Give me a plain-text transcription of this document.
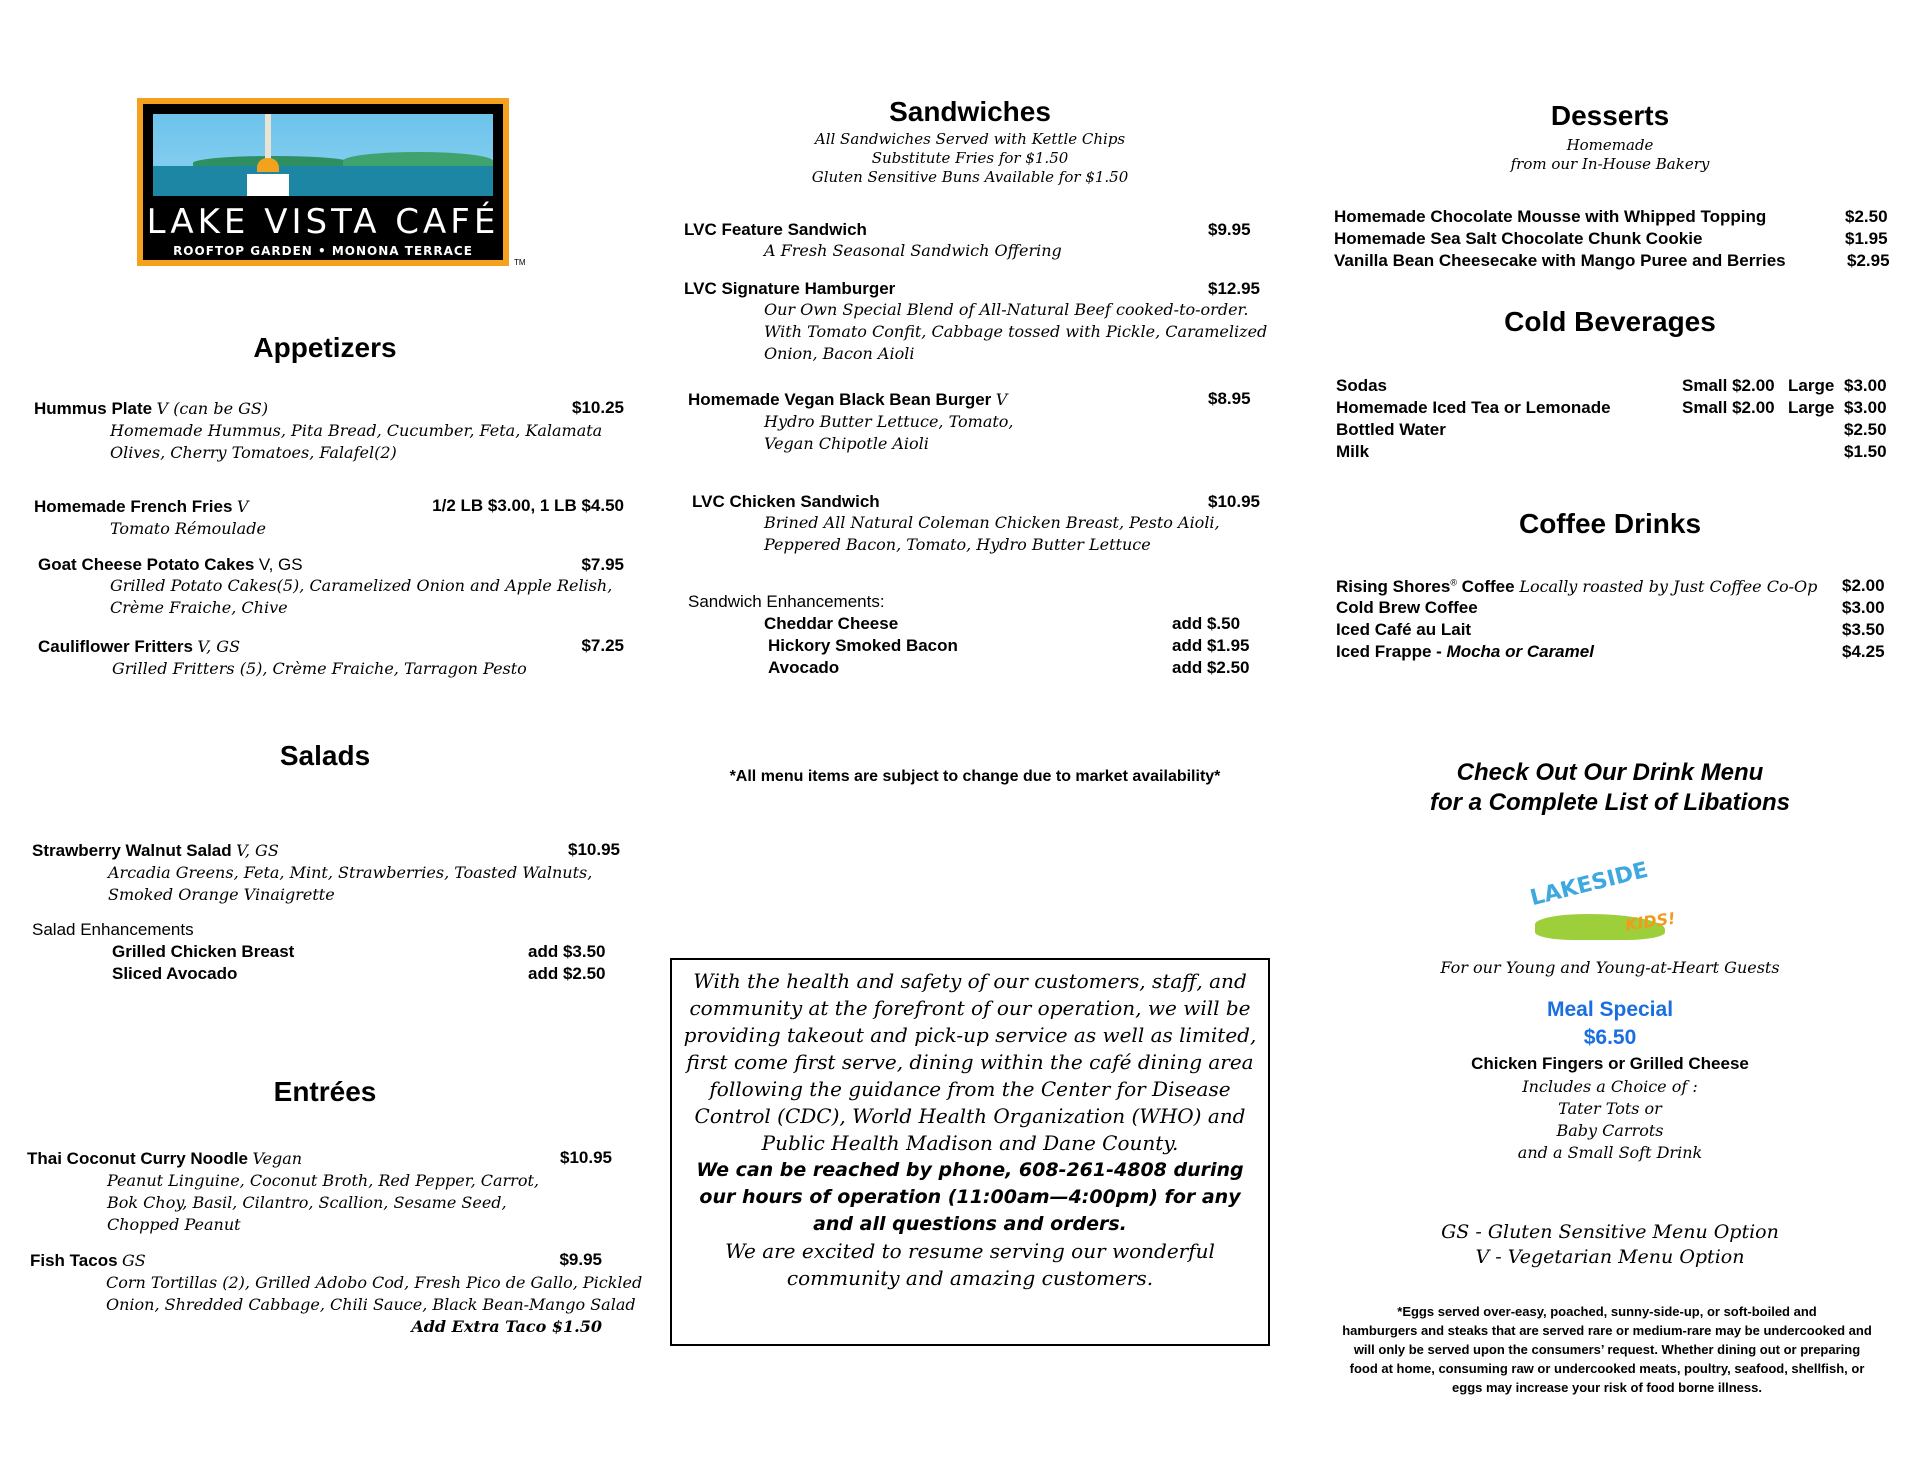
LAKE VISTA CAFÉ
ROOFTOP GARDEN • MONONA TERRACE
TM
Appetizers
Hummus Plate V (can be GS)	$10.25
Homemade Hummus, Pita Bread, Cucumber, Feta, Kalamata
Olives, Cherry Tomatoes, Falafel(2)
Homemade French Fries V	1/2 LB $3.00, 1 LB $4.50
Tomato Rémoulade
Goat Cheese Potato Cakes V, GS	$7.95
Grilled Potato Cakes(5), Caramelized Onion and Apple Relish,
Crème Fraiche, Chive
Cauliflower Fritters V, GS	$7.25
Grilled Fritters (5), Crème Fraiche, Tarragon Pesto
Salads
Strawberry Walnut Salad V, GS	$10.95
Arcadia Greens, Feta, Mint, Strawberries, Toasted Walnuts,
Smoked Orange Vinaigrette
Salad Enhancements
Grilled Chicken Breast	add $3.50
Sliced Avocado	add $2.50
Entrées
Thai Coconut Curry Noodle Vegan	$10.95
Peanut Linguine, Coconut Broth, Red Pepper, Carrot,
Bok Choy, Basil, Cilantro, Scallion, Sesame Seed,
Chopped Peanut
Fish Tacos GS	$9.95
Corn Tortillas (2), Grilled Adobo Cod, Fresh Pico de Gallo, Pickled
Onion, Shredded Cabbage, Chili Sauce, Black Bean-Mango Salad
Add Extra Taco $1.50
Sandwiches
All Sandwiches Served with Kettle Chips
Substitute Fries for $1.50
Gluten Sensitive Buns Available for $1.50
LVC Feature Sandwich	$9.95
A Fresh Seasonal Sandwich Offering
LVC Signature Hamburger	$12.95
Our Own Special Blend of All-Natural Beef cooked-to-order.
With Tomato Confit, Cabbage tossed with Pickle, Caramelized
Onion, Bacon Aioli
Homemade Vegan Black Bean Burger V	$8.95
Hydro Butter Lettuce, Tomato,
Vegan Chipotle Aioli
LVC Chicken Sandwich	$10.95
Brined All Natural Coleman Chicken Breast, Pesto Aioli,
Peppered Bacon, Tomato, Hydro Butter Lettuce
Sandwich Enhancements:
Cheddar Cheese	add $.50
Hickory Smoked Bacon	add $1.95
Avocado	add $2.50
*All menu items are subject to change due to market availability*
With the health and safety of our customers, staff, and community at the forefront of our operation, we will be providing takeout and pick-up service as well as limited, first come first serve, dining within the café dining area following the guidance from the Center for Disease Control (CDC), World Health Organization (WHO) and Public Health Madison and Dane County.
We can be reached by phone, 608-261-4808 during our hours of operation (11:00am—4:00pm) for any and all questions and orders.
We are excited to resume serving our wonderful community and amazing customers.
Desserts
Homemade
from our In-House Bakery
Homemade Chocolate Mousse with Whipped Topping	$2.50
Homemade Sea Salt Chocolate Chunk Cookie	$1.95
Vanilla Bean Cheesecake with Mango Puree and Berries	$2.95
Cold Beverages
Sodas	Small $2.00 Large $3.00
Homemade Iced Tea or Lemonade	Small $2.00 Large $3.00
Bottled Water	$2.50
Milk	$1.50
Coffee Drinks
Rising Shores® Coffee Locally roasted by Just Coffee Co-Op $2.00
Cold Brew Coffee	$3.00
Iced Café au Lait	$3.50
Iced Frappe - Mocha or Caramel	$4.25
Check Out Our Drink Menu
for a Complete List of Libations
LAKESIDE
KIDS!
For our Young and Young-at-Heart Guests
Meal Special
$6.50
Chicken Fingers or Grilled Cheese
Includes a Choice of :
Tater Tots or
Baby Carrots
and a Small Soft Drink
GS - Gluten Sensitive Menu Option
V - Vegetarian Menu Option
*Eggs served over-easy, poached, sunny-side-up, or soft-boiled and
hamburgers and steaks that are served rare or medium-rare may be undercooked and
will only be served upon the consumers’ request. Whether dining out or preparing
food at home, consuming raw or undercooked meats, poultry, seafood, shellfish, or
eggs may increase your risk of food borne illness.
